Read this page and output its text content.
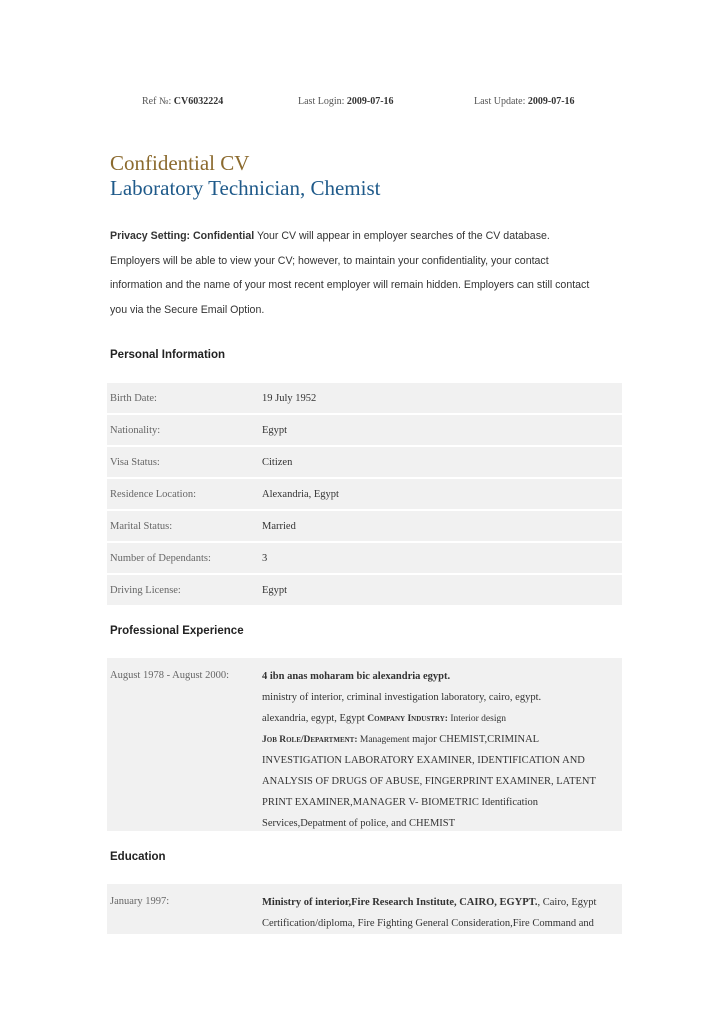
Ref №: CV6032224	Last Login: 2009-07-16	Last Update: 2009-07-16
Confidential CV
Laboratory Technician, Chemist
Privacy Setting: Confidential Your CV will appear in employer searches of the CV database.
Employers will be able to view your CV; however, to maintain your confidentiality, your contact
information and the name of your most recent employer will remain hidden. Employers can still contact
you via the Secure Email Option.
Personal Information
Birth Date:	19 July 1952
Nationality:	Egypt
Visa Status:	Citizen
Residence Location:	Alexandria, Egypt
Marital Status:	Married
Number of Dependants:	3
Driving License:	Egypt
Professional Experience
August 1978 - August 2000:	4 ibn anas moharam bic alexandria egypt.
ministry of interior, criminal investigation laboratory, cairo, egypt.
alexandria, egypt, Egypt Company Industry: Interior design
Job Role/Department: Management major CHEMIST,CRIMINAL
INVESTIGATION LABORATORY EXAMINER, IDENTIFICATION AND
ANALYSIS OF DRUGS OF ABUSE, FINGERPRINT EXAMINER, LATENT
PRINT EXAMINER,MANAGER V- BIOMETRIC Identification
Services,Depatment of police, and CHEMIST
Education
January 1997:	Ministry of interior,Fire Research Institute, CAIRO, EGYPT., Cairo, Egypt
Certification/diploma, Fire Fighting General Consideration,Fire Command and
